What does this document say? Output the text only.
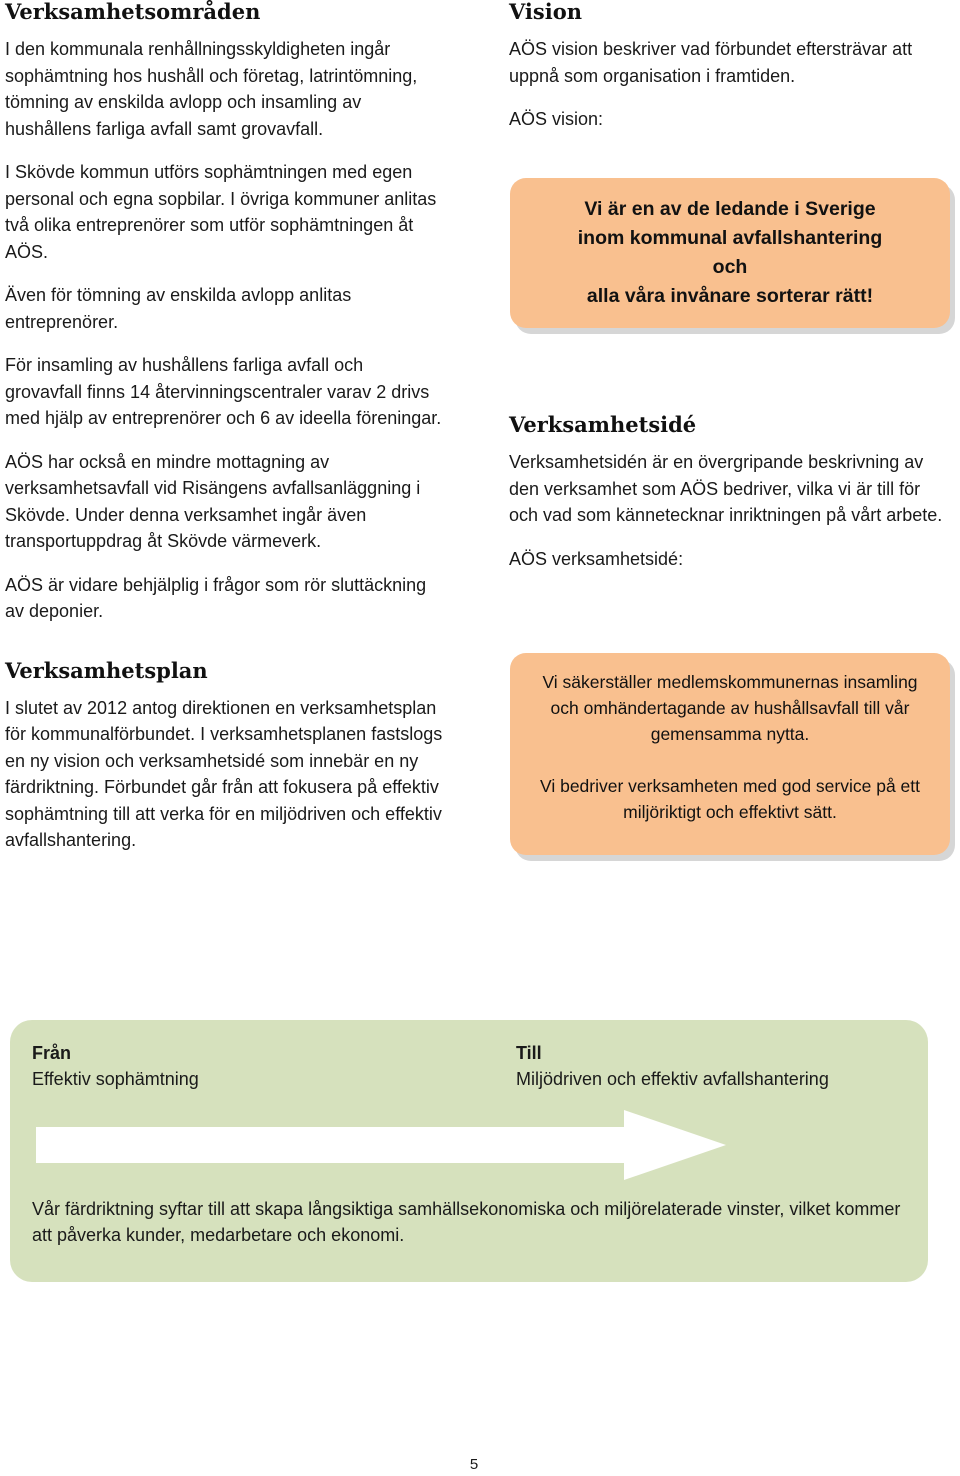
Verksamhetsområden

I den kommunala renhållningsskyldigheten ingår sophämtning hos hushåll och företag, latrintömning, tömning av enskilda avlopp och insamling av hushållens farliga avfall samt grovavfall.

I Skövde kommun utförs sophämtningen med egen personal och egna sopbilar. I övriga kommuner anlitas två olika entreprenörer som utför sophämtningen åt AÖS.

Även för tömning av enskilda avlopp anlitas entreprenörer.

För insamling av hushållens farliga avfall och grovavfall finns 14 återvinningscentraler varav 2 drivs med hjälp av entreprenörer och 6 av ideella föreningar.

AÖS har också en mindre mottagning av verksamhetsavfall vid Risängens avfallsanläggning i Skövde. Under denna verksamhet ingår även transportuppdrag åt Skövde värmeverk.

AÖS är vidare behjälplig i frågor som rör sluttäckning av deponier.

Verksamhetsplan

I slutet av 2012 antog direktionen en verksamhetsplan för kommunalförbundet. I verksamhetsplanen fastslogs en ny vision och verksamhetsidé som innebär en ny färdriktning. Förbundet går från att fokusera på effektiv sophämtning till att verka för en miljödriven och effektiv avfallshantering.

Vision

AÖS vision beskriver vad förbundet eftersträvar att uppnå som organisation i framtiden.

AÖS vision:

Vi är en av de ledande i Sverige
inom kommunal avfallshantering
och
alla våra invånare sorterar rätt!
Verksamhetsidé

Verksamhetsidén är en övergripande beskrivning av den verksamhet som AÖS bedriver, vilka vi är till för och vad som kännetecknar inriktningen på vårt arbete.

AÖS verksamhetsidé:

Vi säkerställer medlemskommunernas insamling och omhändertagande av hushållsavfall till vår gemensamma nytta.

Vi bedriver verksamheten med god service på ett miljöriktigt och effektivt sätt.

Från
Effektiv sophämtning
Till
Miljödriven och effektiv avfallshantering
Vår färdriktning syftar till att skapa långsiktiga samhällsekonomiska och miljörelaterade vinster, vilket kommer att påverka kunder, medarbetare och ekonomi.
5
